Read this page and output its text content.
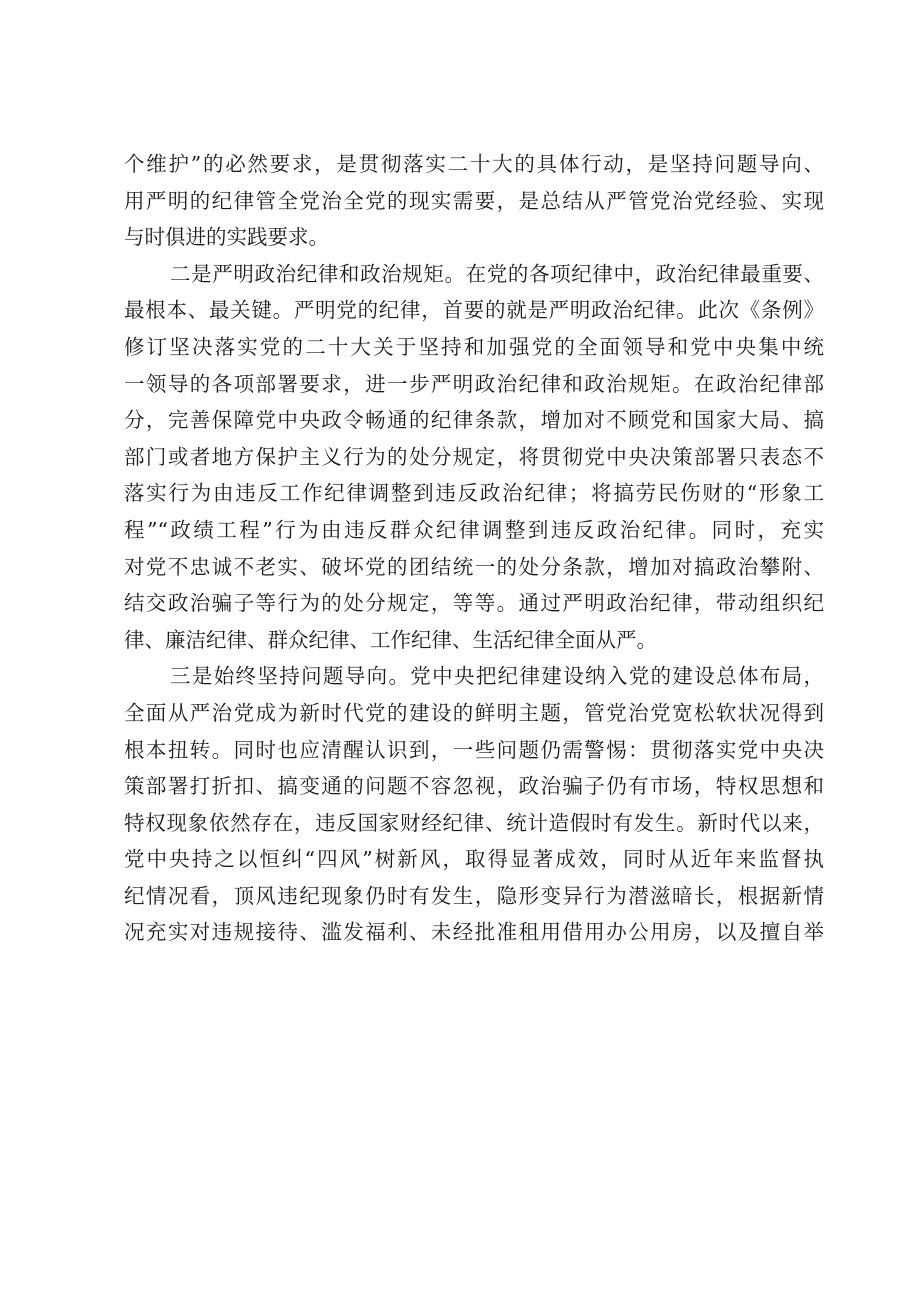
个维护”的必然要求，是贯彻落实二十大的具体行动，是坚持问题导向、
用严明的纪律管全党治全党的现实需要，是总结从严管党治党经验、实现
与时俱进的实践要求。
二是严明政治纪律和政治规矩。在党的各项纪律中，政治纪律最重要、
最根本、最关键。严明党的纪律，首要的就是严明政治纪律。此次《条例》
修订坚决落实党的二十大关于坚持和加强党的全面领导和党中央集中统
一领导的各项部署要求，进一步严明政治纪律和政治规矩。在政治纪律部
分，完善保障党中央政令畅通的纪律条款，增加对不顾党和国家大局、搞
部门或者地方保护主义行为的处分规定，将贯彻党中央决策部署只表态不
落实行为由违反工作纪律调整到违反政治纪律；将搞劳民伤财的“形象工
程”“政绩工程”行为由违反群众纪律调整到违反政治纪律。同时，充实
对党不忠诚不老实、破坏党的团结统一的处分条款，增加对搞政治攀附、
结交政治骗子等行为的处分规定，等等。通过严明政治纪律，带动组织纪
律、廉洁纪律、群众纪律、工作纪律、生活纪律全面从严。
三是始终坚持问题导向。党中央把纪律建设纳入党的建设总体布局，
全面从严治党成为新时代党的建设的鲜明主题，管党治党宽松软状况得到
根本扭转。同时也应清醒认识到，一些问题仍需警惕：贯彻落实党中央决
策部署打折扣、搞变通的问题不容忽视，政治骗子仍有市场，特权思想和
特权现象依然存在，违反国家财经纪律、统计造假时有发生。新时代以来，
党中央持之以恒纠“四风”树新风，取得显著成效，同时从近年来监督执
纪情况看，顶风违纪现象仍时有发生，隐形变异行为潜滋暗长，根据新情
况充实对违规接待、滥发福利、未经批准租用借用办公用房，以及擅自举
